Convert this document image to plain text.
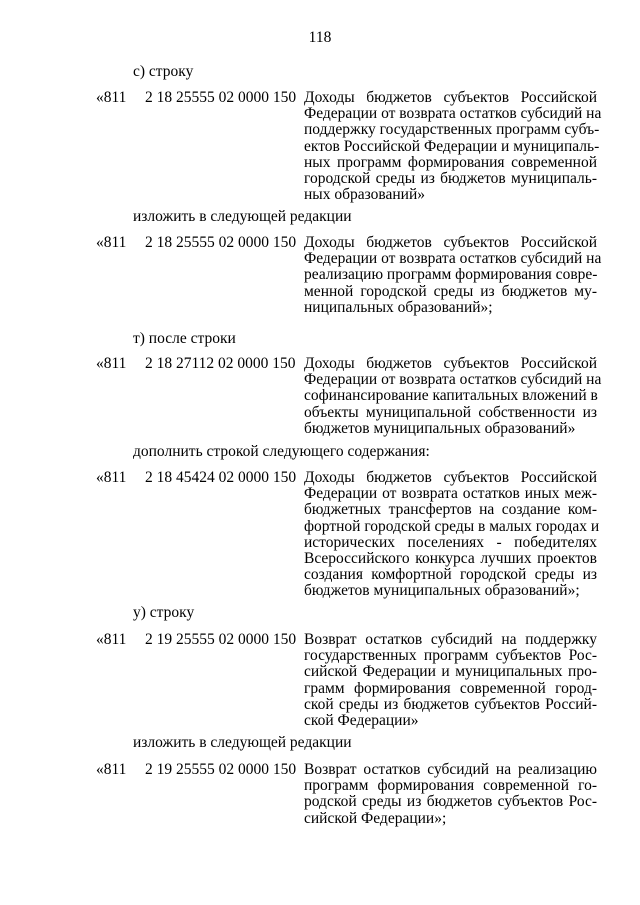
118
с) строку
«811 2 18 25555 02 0000 150 Доходы бюджетов субъектов Российской
Федерации от возврата остатков субсидий на
поддержку государственных программ субъ-
ектов Российской Федерации и муниципаль-
ных программ формирования современной
городской среды из бюджетов муниципаль-
ных образований»
изложить в следующей редакции
«811 2 18 25555 02 0000 150 Доходы бюджетов субъектов Российской
Федерации от возврата остатков субсидий на
реализацию программ формирования совре-
менной городской среды из бюджетов му-
ниципальных образований»;
т) после строки
«811 2 18 27112 02 0000 150 Доходы бюджетов субъектов Российской
Федерации от возврата остатков субсидий на
софинансирование капитальных вложений в
объекты муниципальной собственности из
бюджетов муниципальных образований»
дополнить строкой следующего содержания:
«811 2 18 45424 02 0000 150 Доходы бюджетов субъектов Российской
Федерации от возврата остатков иных меж-
бюджетных трансфертов на создание ком-
фортной городской среды в малых городах и
исторических поселениях - победителях
Всероссийского конкурса лучших проектов
создания комфортной городской среды из
бюджетов муниципальных образований»;
у) строку
«811 2 19 25555 02 0000 150 Возврат остатков субсидий на поддержку
государственных программ субъектов Рос-
сийской Федерации и муниципальных про-
грамм формирования современной город-
ской среды из бюджетов субъектов Россий-
ской Федерации»
изложить в следующей редакции
«811 2 19 25555 02 0000 150 Возврат остатков субсидий на реализацию
программ формирования современной го-
родской среды из бюджетов субъектов Рос-
сийской Федерации»;
